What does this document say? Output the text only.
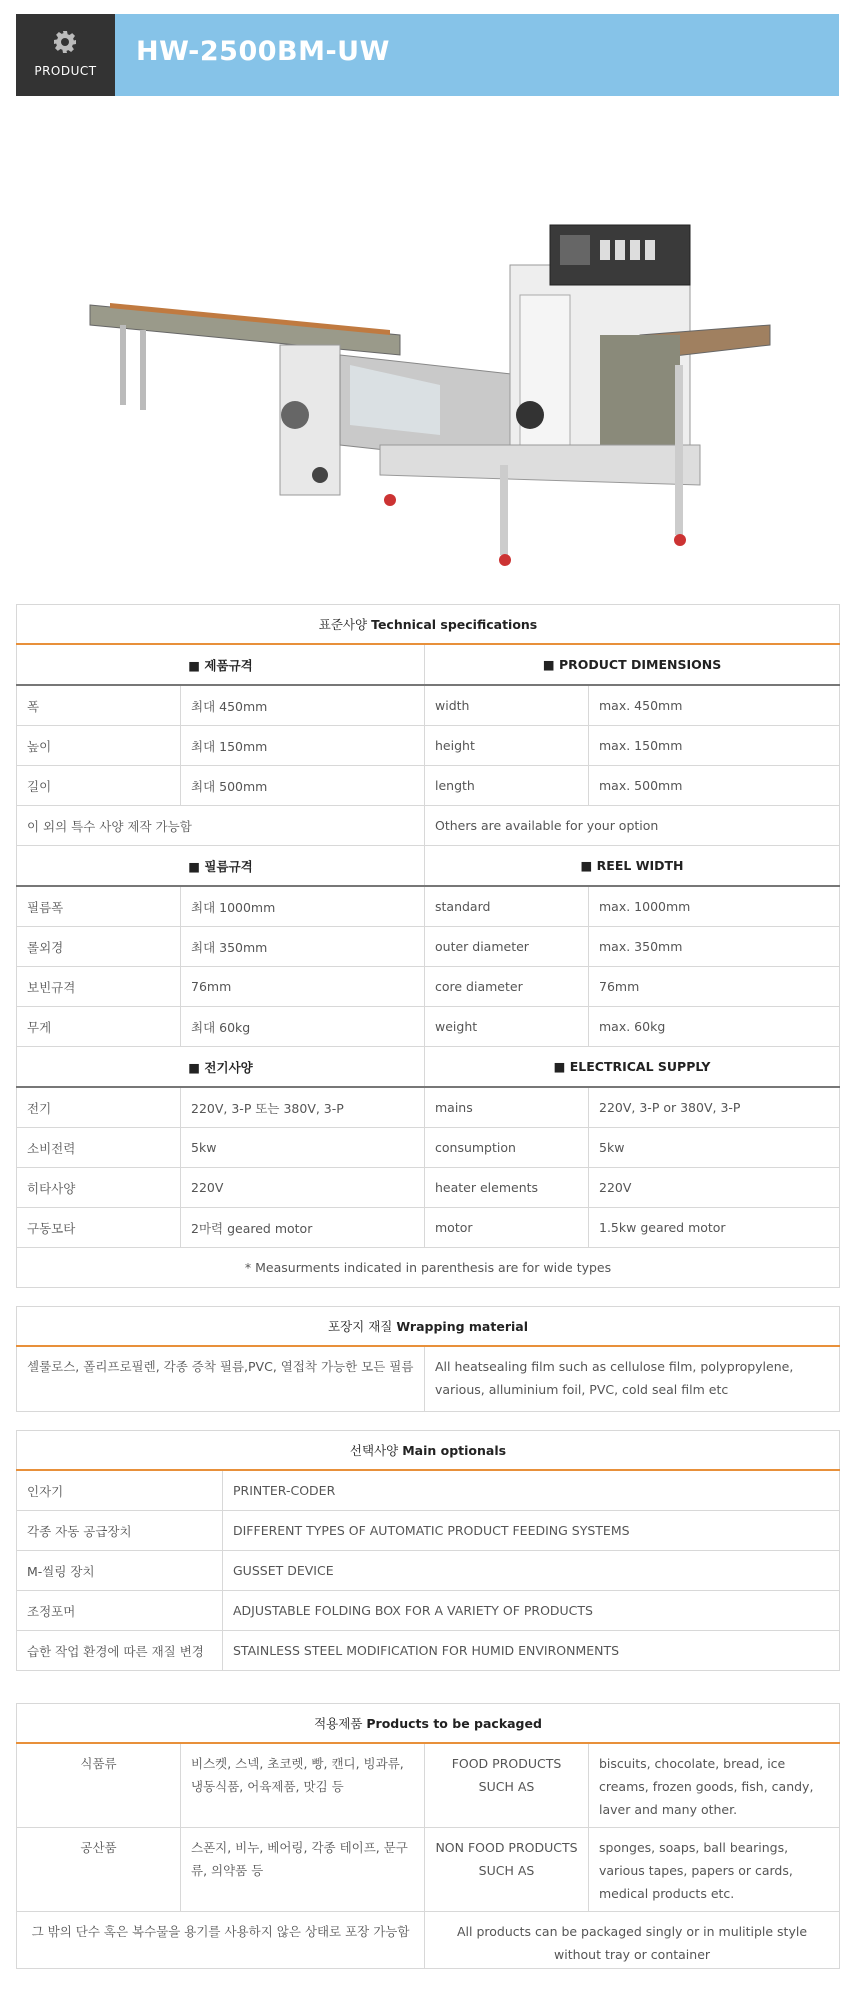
PRODUCT
HW-2500BM-UW
표준사양 Technical specifications			
■ 제품규격		■ PRODUCT DIMENSIONS	
폭	최대 450mm	width	max. 450mm
높이	최대 150mm	height	max. 150mm
길이	최대 500mm	length	max. 500mm
이 외의 특수 사양 제작 가능함		Others are available for your option	
■ 필름규격		■ REEL WIDTH	
필름폭	최대 1000mm	standard	max. 1000mm
롤외경	최대 350mm	outer diameter	max. 350mm
보빈규격	76mm	core diameter	76mm
무게	최대 60kg	weight	max. 60kg
■ 전기사양		■ ELECTRICAL SUPPLY	
전기	220V, 3-P 또는 380V, 3-P	mains	220V, 3-P or 380V, 3-P
소비전력	5kw	consumption	5kw
히타사양	220V	heater elements	220V
구동모타	2마력 geared motor	motor	1.5kw geared motor
* Measurments indicated in parenthesis are for wide types			
포장지 재질 Wrapping material
셀룰로스, 폴리프로필렌, 각종 증착 필름,PVC, 열접착 가능한 모든 필름	All heatsealing film such as cellulose film, polypropylene, various, alluminium foil, PVC, cold seal film etc
선택사양 Main optionals	
인자기	PRINTER-CODER
각종 자동 공급장치	DIFFERENT TYPES OF AUTOMATIC PRODUCT FEEDING SYSTEMS
M-씰링 장치	GUSSET DEVICE
조정포머	ADJUSTABLE FOLDING BOX FOR A VARIETY OF PRODUCTS
습한 작업 환경에 따른 재질 변경	STAINLESS STEEL MODIFICATION FOR HUMID ENVIRONMENTS
적용제품 Products to be packaged			
식품류	비스켓, 스넥, 초코렛, 빵, 캔디, 빙과류, 냉동식품, 어육제품, 맛김 등	FOOD PRODUCTS SUCH AS	biscuits, chocolate, bread, ice creams, frozen goods, fish, candy, laver and many other.
공산품	스폰지, 비누, 베어링, 각종 테이프, 문구류, 의약품 등	NON FOOD PRODUCTS SUCH AS	sponges, soaps, ball bearings, various tapes, papers or cards, medical products etc.
그 밖의 단수 혹은 복수물을 용기를 사용하지 않은 상태로 포장 가능함		All products can be packaged singly or in mulitiple style without tray or container	
